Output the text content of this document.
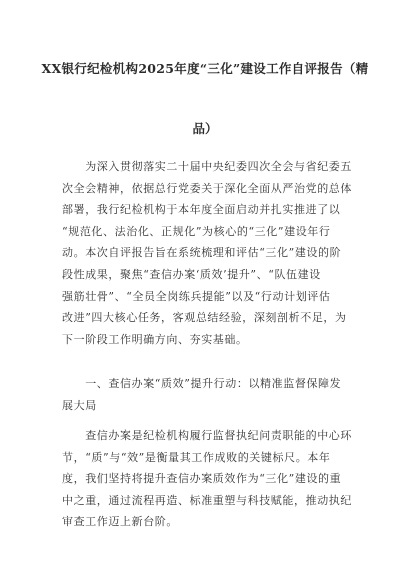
XX银行纪检机构2025年度“三化”建设工作自评报告（精
品）
　　为深入贯彻落实二十届中央纪委四次全会与省纪委五
次全会精神，依据总行党委关于深化全面从严治党的总体
部署，我行纪检机构于本年度全面启动并扎实推进了以
“规范化、法治化、正规化”为核心的“三化”建设年行
动。本次自评报告旨在系统梳理和评估“三化”建设的阶
段性成果，聚焦“查信办案‘质效’提升”、“队伍建设
强筋壮骨”、“全员全岗练兵提能”以及“行动计划评估
改进”四大核心任务，客观总结经验，深刻剖析不足，为
下一阶段工作明确方向、夯实基础。
　　一、查信办案“质效”提升行动：以精准监督保障发
展大局
　　查信办案是纪检机构履行监督执纪问责职能的中心环
节，“质”与“效”是衡量其工作成败的关键标尺。本年
度，我们坚持将提升查信办案质效作为“三化”建设的重
中之重，通过流程再造、标准重塑与科技赋能，推动执纪
审查工作迈上新台阶。
